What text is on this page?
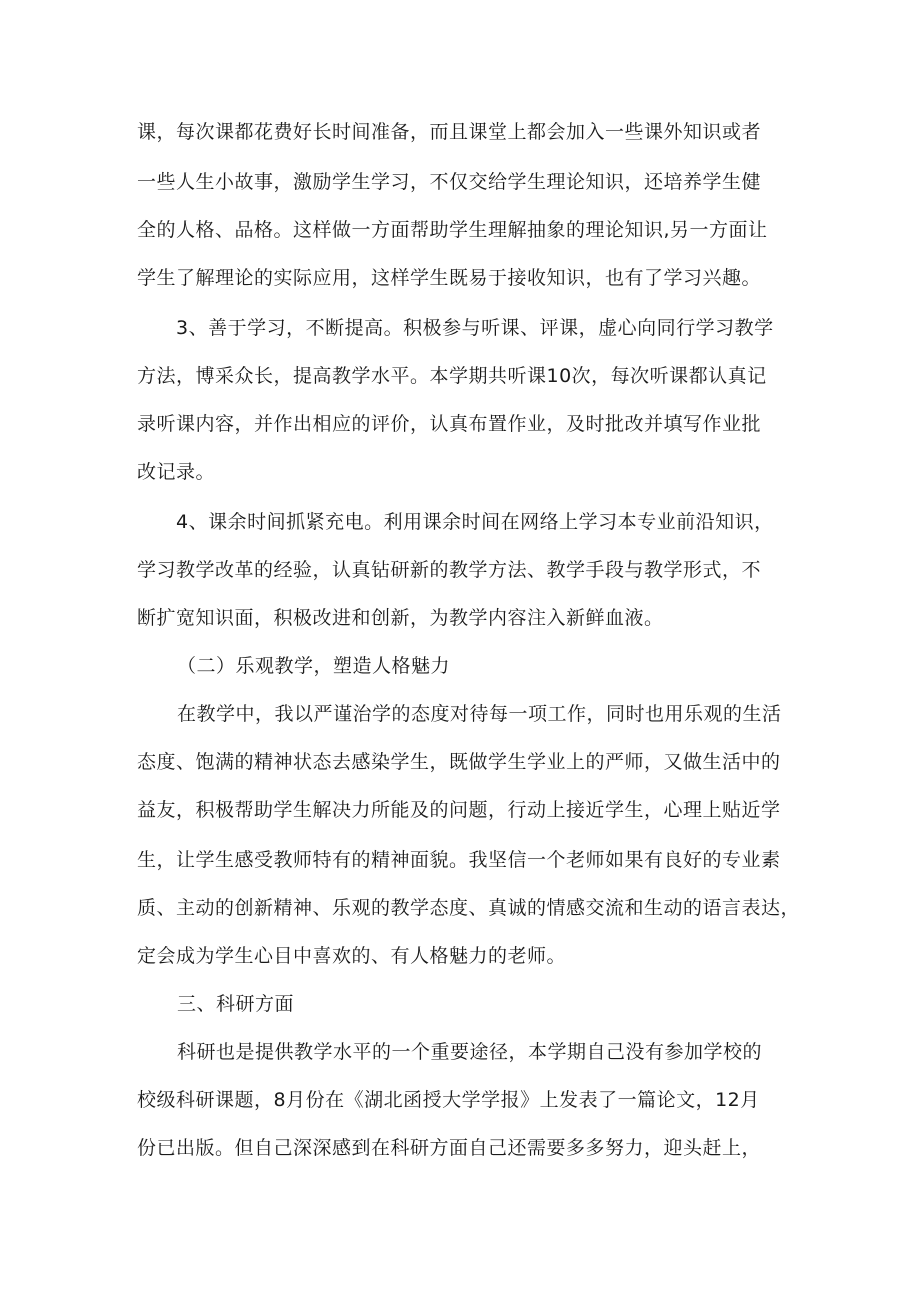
课，每次课都花费好长时间准备，而且课堂上都会加入一些课外知识或者
一些人生小故事，激励学生学习，不仅交给学生理论知识，还培养学生健
全的人格、品格。这样做一方面帮助学生理解抽象的理论知识,另一方面让
学生了解理论的实际应用，这样学生既易于接收知识，也有了学习兴趣。
3、善于学习，不断提高。积极参与听课、评课，虚心向同行学习教学
方法，博采众长，提高教学水平。本学期共听课10次，每次听课都认真记
录听课内容，并作出相应的评价，认真布置作业，及时批改并填写作业批
改记录。
4、课余时间抓紧充电。利用课余时间在网络上学习本专业前沿知识，
学习教学改革的经验，认真钻研新的教学方法、教学手段与教学形式，不
断扩宽知识面，积极改进和创新，为教学内容注入新鲜血液。
（二）乐观教学，塑造人格魅力
在教学中，我以严谨治学的态度对待每一项工作，同时也用乐观的生活
态度、饱满的精神状态去感染学生，既做学生学业上的严师，又做生活中的
益友，积极帮助学生解决力所能及的问题，行动上接近学生，心理上贴近学
生，让学生感受教师特有的精神面貌。我坚信一个老师如果有良好的专业素
质、主动的创新精神、乐观的教学态度、真诚的情感交流和生动的语言表达，
定会成为学生心目中喜欢的、有人格魅力的老师。
三、科研方面
科研也是提供教学水平的一个重要途径，本学期自己没有参加学校的
校级科研课题，8月份在《湖北函授大学学报》上发表了一篇论文，12月
份已出版。但自己深深感到在科研方面自己还需要多多努力，迎头赶上，
